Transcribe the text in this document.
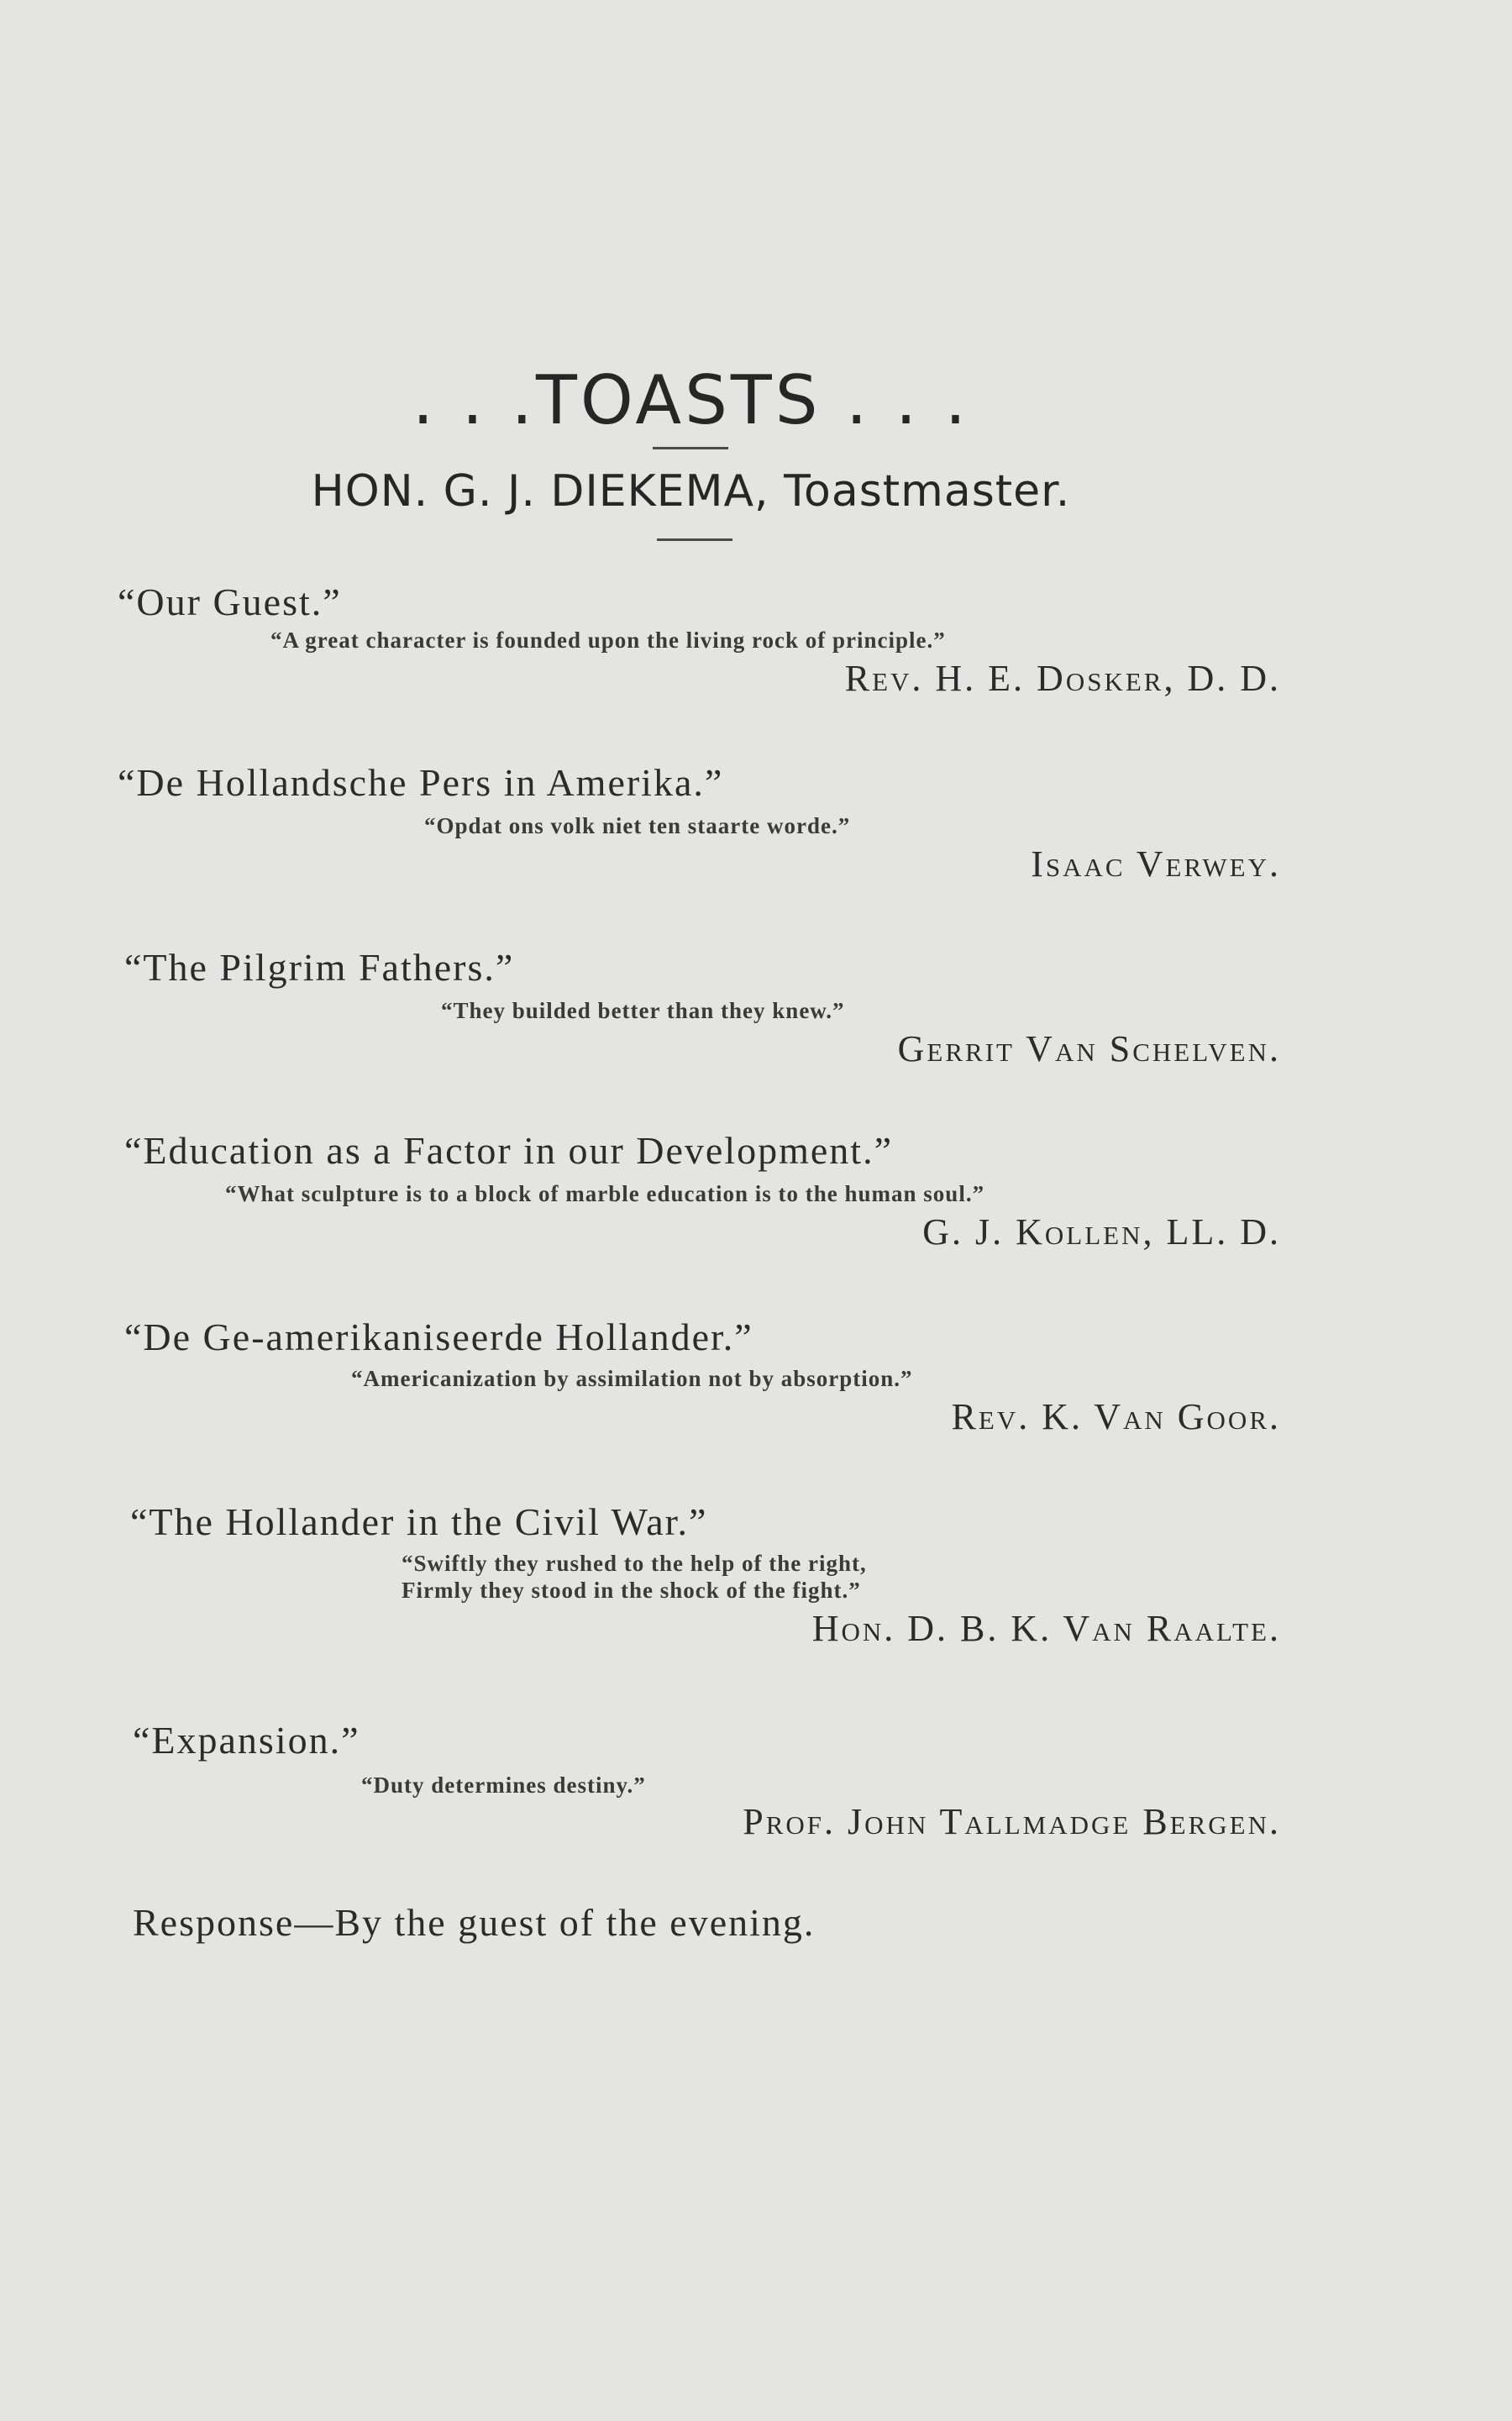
. . .TOASTS . . .
HON. G. J. DIEKEMA, Toastmaster.
“Our Guest.”
“A great character is founded upon the living rock of principle.”
Rev. H. E. Dosker, D. D.
“De Hollandsche Pers in Amerika.”
“Opdat ons volk niet ten staarte worde.”
Isaac Verwey.
“The Pilgrim Fathers.”
“They builded better than they knew.”
Gerrit Van Schelven.
“Education as a Factor in our Development.”
“What sculpture is to a block of marble education is to the human soul.”
G. J. Kollen, LL. D.
“De Ge-amerikaniseerde Hollander.”
“Americanization by assimilation not by absorption.”
Rev. K. Van Goor.
“The Hollander in the Civil War.”
“Swiftly they rushed to the help of the right,
Firmly they stood in the shock of the fight.”
Hon. D. B. K. Van Raalte.
“Expansion.”
“Duty determines destiny.”
Prof. John Tallmadge Bergen.
Response—By the guest of the evening.
